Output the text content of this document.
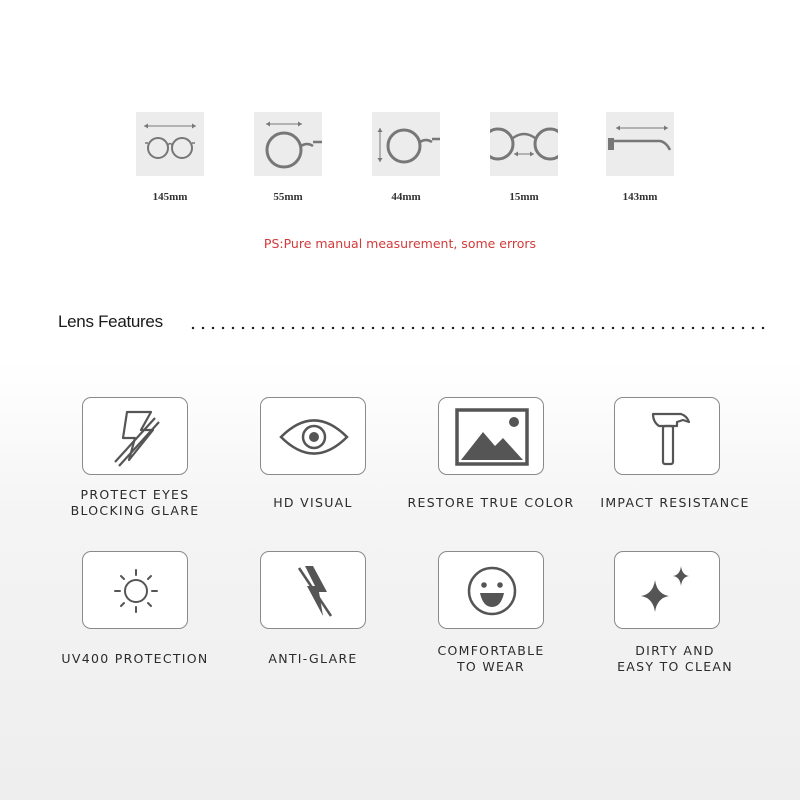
145mm	55mm	44mm	15mm	143mm
PS:Pure manual measurement, some errors
Lens Features
PROTECT EYES
BLOCKING GLARE
HD VISUAL	RESTORE TRUE COLOR	IMPACT RESISTANCE
UV400 PROTECTION	ANTI-GLARE
COMFORTABLE
TO WEAR
DIRTY AND
EASY TO CLEAN
